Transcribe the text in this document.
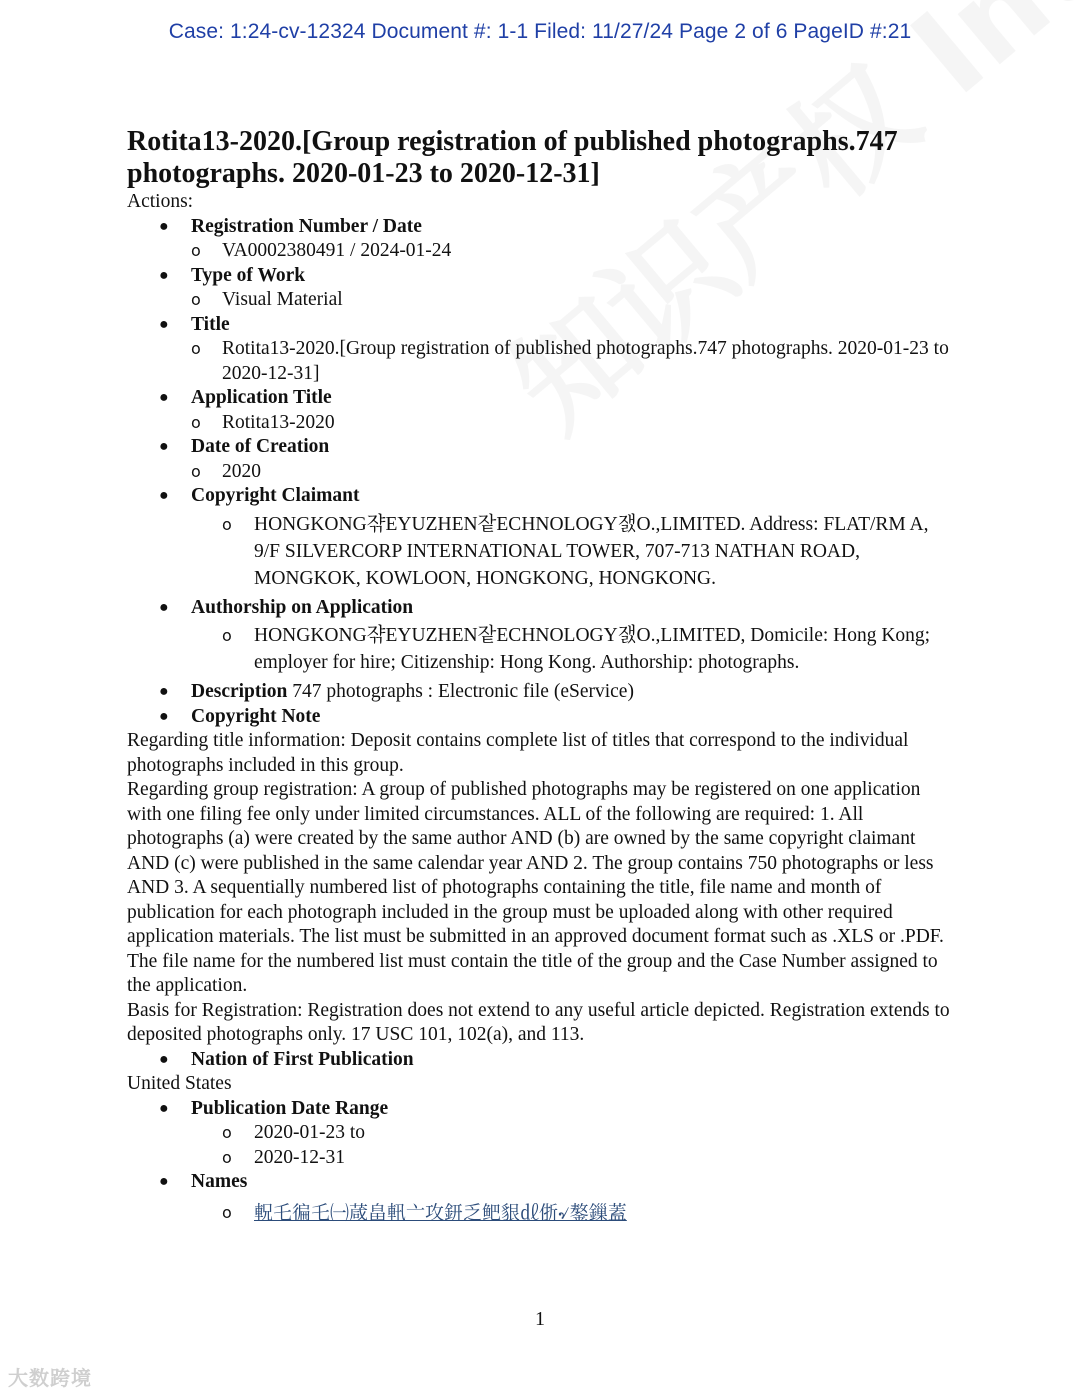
Case: 1:24-cv-12324 Document #: 1-1 Filed: 11/27/24 Page 2 of 6 PageID #:21
Rotita13-2020.[Group registration of published photographs.747 photographs. 2020-01-23 to 2020-12-31]

Actions:

● Registration Number / Date
o VA0002380491 / 2024-01-24
● Type of Work
o Visual Material
● Title
o Rotita13-2020.[Group registration of published photographs.747 photographs. 2020-01-23 to 2020-12-31]
● Application Title
o Rotita13-2020
● Date of Creation
o 2020
● Copyright Claimant
o HONGKONG쟊EYUZHEN잩ECHNOLOGY잸O.,LIMITED. Address: FLAT/RM A, 9/F SILVERCORP INTERNATIONAL TOWER, 707-713 NATHAN ROAD, MONGKOK, KOWLOON, HONGKONG, HONGKONG.
● Authorship on Application
o HONGKONG쟊EYUZHEN잩ECHNOLOGY잸O.,LIMITED, Domicile: Hong Kong; employer for hire; Citizenship: Hong Kong. Authorship: photographs.
● Description 747 photographs : Electronic file (eService)
● Copyright Note

Regarding title information: Deposit contains complete list of titles that correspond to the individual photographs included in this group.

Regarding group registration: A group of published photographs may be registered on one application with one filing fee only under limited circumstances. ALL of the following are required: 1. All photographs (a) were created by the same author AND (b) are owned by the same copyright claimant AND (c) were published in the same calendar year AND 2. The group contains 750 photographs or less AND 3. A sequentially numbered list of photographs containing the title, file name and month of publication for each photograph included in the group must be uploaded along with other required application materials. The list must be submitted in an approved document format such as .XLS or .PDF. The file name for the numbered list must contain the title of the group and the Case Number assigned to the application.

Basis for Registration: Registration does not extend to any useful article depicted. Registration extends to deposited photographs only. 17 USC 101, 102(a), and 113.

● Nation of First Publication

United States

● Publication Date Range
o 2020-01-23 to
o 2020-12-31
● Names
o 軦乇徧乇㈠葴畠軐亠攻鈃乏鲃貇㎗㑜৵鏊鏁蓋
1
大数跨境
